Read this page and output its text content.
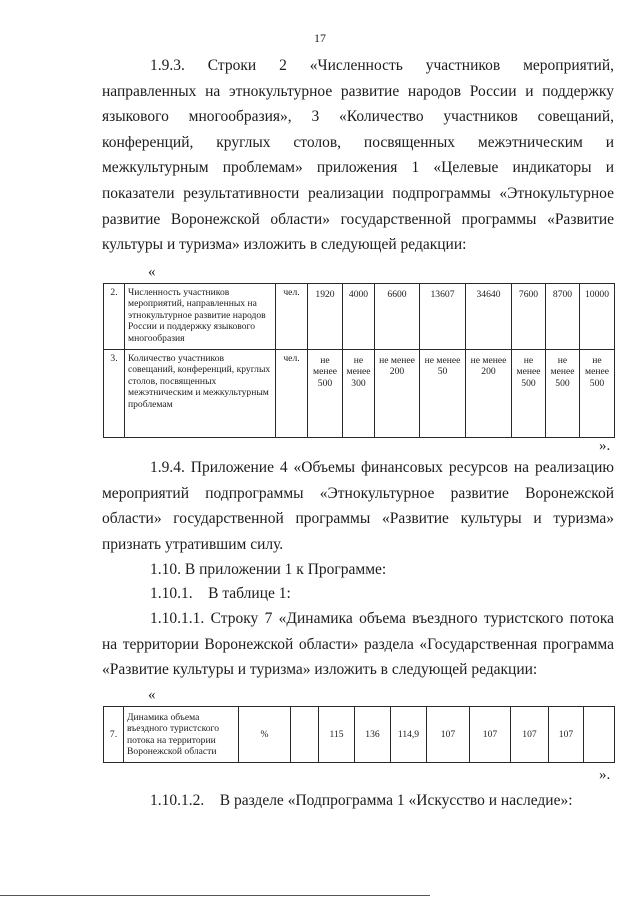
17
1.9.3. Строки 2 «Численность участников мероприятий, направленных на этнокультурное развитие народов России и поддержку языкового многообразия», 3 «Количество участников совещаний, конференций, круглых столов, посвященных межэтническим и межкультурным проблемам» приложения 1 «Целевые индикаторы и показатели результативности реализации подпрограммы «Этнокультурное развитие Воронежской области» государственной программы «Развитие культуры и туризма» изложить в следующей редакции:
«
2.	Численность участников мероприятий, направленных на этнокультурное развитие народов России и поддержку языкового многообразия	чел.	1920	4000	6600	13607	34640	7600	8700	10000
3.	Количество участников совещаний, конференций, круглых столов, посвященных межэтническим и межкультурным проблемам	чел.	не менее 500	не менее 300	не менее 200	не менее 50	не менее 200	не менее 500	не менее 500	не менее 500
».
1.9.4. Приложение 4 «Объемы финансовых ресурсов на реализацию мероприятий подпрограммы «Этнокультурное развитие Воронежской области» государственной программы «Развитие культуры и туризма» признать утратившим силу.
1.10. В приложении 1 к Программе:
1.10.1.    В таблице 1:
1.10.1.1. Строку 7 «Динамика объема въездного туристского потока на территории Воронежской области» раздела «Государственная программа «Развитие культуры и туризма» изложить в следующей редакции:
«
7.	Динамика объема въездного туристского потока на территории Воронежской области	%		115	136	114,9	107	107	107	107	
».
1.10.1.2.    В разделе «Подпрограмма 1 «Искусство и наследие»:
